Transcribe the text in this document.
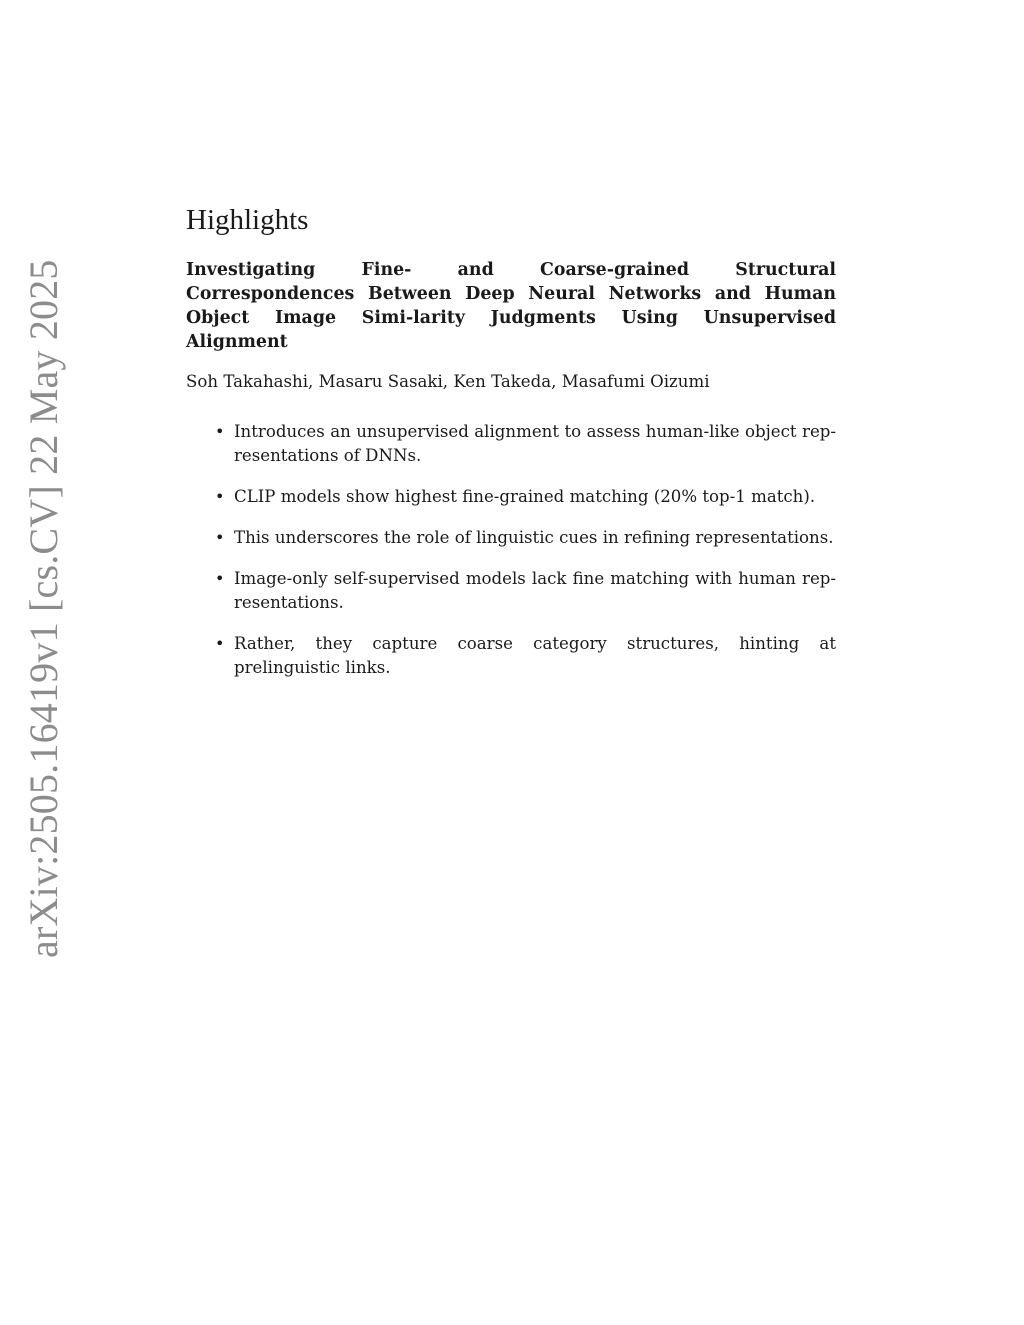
arXiv:2505.16419v1 [cs.CV] 22 May 2025
Highlights
Investigating Fine- and Coarse-grained Structural Correspondences Between Deep Neural Networks and Human Object Image Simi-larity Judgments Using Unsupervised Alignment
Soh Takahashi, Masaru Sasaki, Ken Takeda, Masafumi Oizumi
• Introduces an unsupervised alignment to assess human-like object rep-resentations of DNNs.
• CLIP models show highest fine-grained matching (20% top-1 match).
• This underscores the role of linguistic cues in refining representations.
• Image-only self-supervised models lack fine matching with human rep-resentations.
• Rather, they capture coarse category structures, hinting at prelinguistic links.
